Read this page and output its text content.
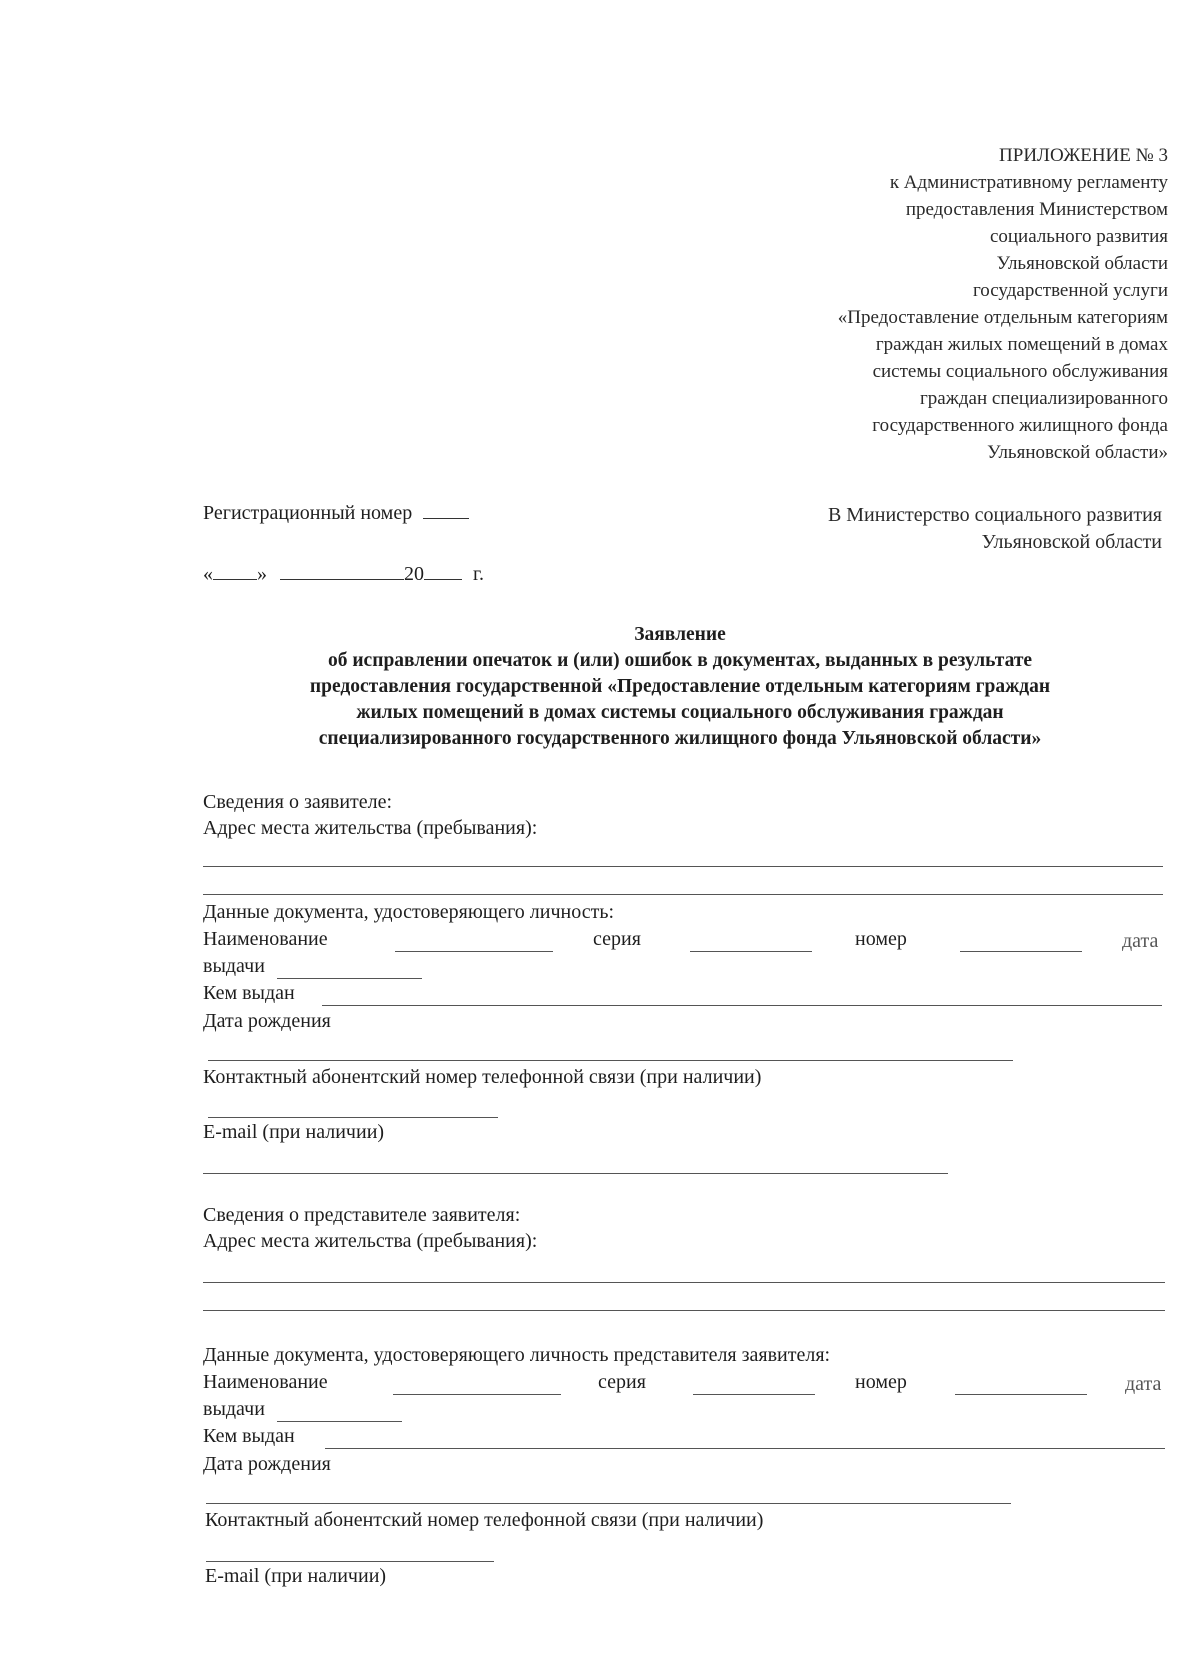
ПРИЛОЖЕНИЕ № 3
к Административному регламенту
предоставления Министерством
социального развития
Ульяновской области
государственной услуги
«Предоставление отдельным категориям
граждан жилых помещений в домах
системы социального обслуживания
граждан специализированного
государственного жилищного фонда
Ульяновской области»
Регистрационный номер	В Министерство социального развития
Ульяновской области
« »	20 г.
Заявление
об исправлении опечаток и (или) ошибок в документах, выданных в результате
предоставления государственной «Предоставление отдельным категориям граждан
жилых помещений в домах системы социального обслуживания граждан
специализированного государственного жилищного фонда Ульяновской области»
Сведения о заявителе:
Адрес места жительства (пребывания):
Данные документа, удостоверяющего личность:
Наименование	серия	номер	дата
выдачи
Кем выдан
Дата рождения
Контактный абонентский номер телефонной связи (при наличии)
E-mail (при наличии)
Сведения о представителе заявителя:
Адрес места жительства (пребывания):
Данные документа, удостоверяющего личность представителя заявителя:
Наименование	серия	номер	дата
выдачи
Кем выдан
Дата рождения
Контактный абонентский номер телефонной связи (при наличии)
E-mail (при наличии)
